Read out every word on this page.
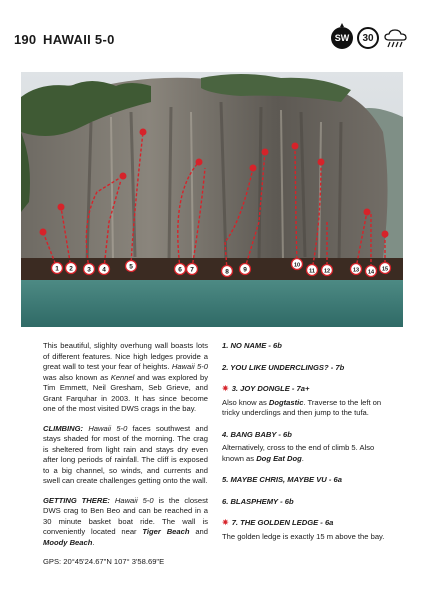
190 HAWAII 5-0	SW 30
1 2 3 4	5	6 7	8 9
10
11 12	13 14 15

This beautiful, slighlty overhung wall boasts lots of different features. Nice high ledges provide a great wall to test your fear of heights. Hawaii 5-0 was also known as Kennel and was explored by Tim Emmett, Neil Gresham, Seb Grieve, and Grant Farquhar in 2003. It has since become one of the most visited DWS crags in the bay.

CLIMBING: Hawaii 5-0 faces southwest and stays shaded for most of the morning. The crag is sheltered from light rain and stays dry even after long periods of rainfall. The cliff is exposed to a big channel, so winds, and currents and swell can create challenges getting onto the wall.

GETTING THERE: Hawaii 5-0 is the closest DWS crag to Ben Beo and can be reached in a 30 minute basket boat ride. The wall is conveniently located near Tiger Beach and Moody Beach.

GPS: 20°45'24.67"N 107° 3'58.69"E

1. NO NAME - 6b
2. YOU LIKE UNDERCLINGS? - 7b
✷ 3. JOY DONGLE - 7a+
Also know as Dogtastic. Traverse to the left on tricky underclings and then jump to the tufa.
4. BANG BABY - 6b
Alternatively, cross to the end of climb 5. Also known as Dog Eat Dog.
5. MAYBE CHRIS, MAYBE VU - 6a
6. BLASPHEMY - 6b
✷ 7. THE GOLDEN LEDGE - 6a
The golden ledge is exactly 15 m above the bay.
